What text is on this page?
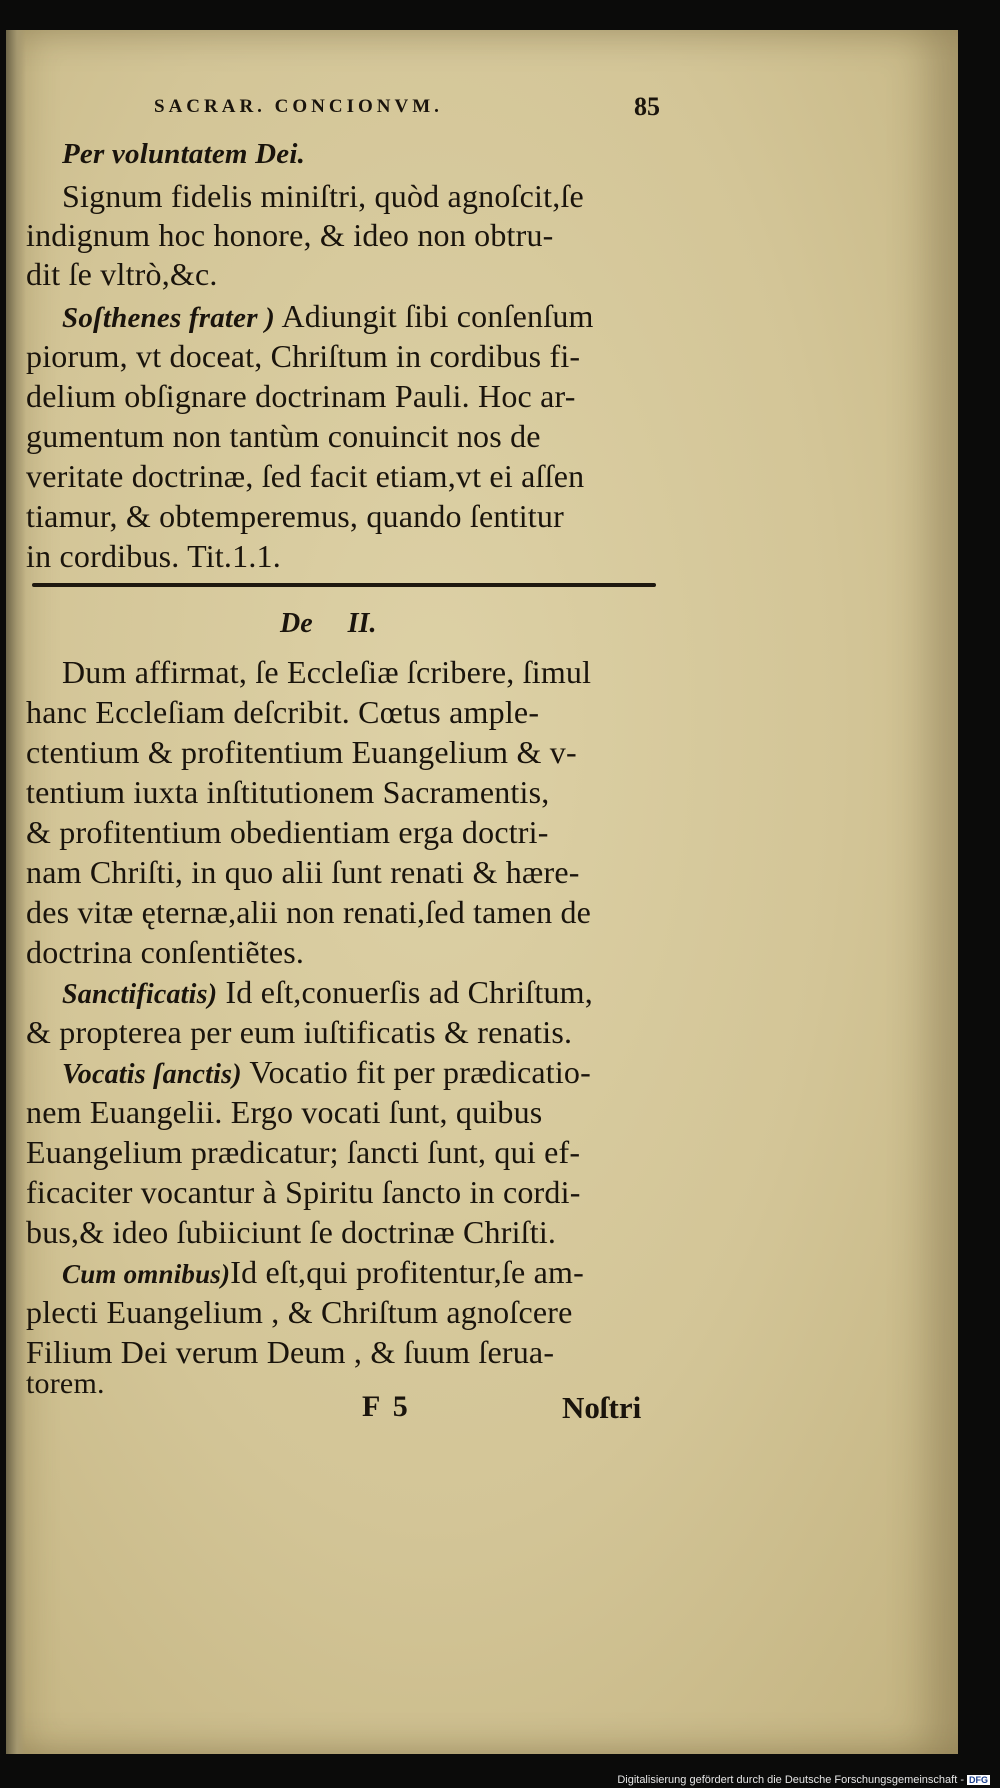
SACRAR. CONCIONVM.	85
Per voluntatem Dei.
Signum fidelis miniſtri, quòd agnoſcit,ſe
indignum hoc honore, & ideo non obtru-
dit ſe vltrò,&c.
Soſthenes frater ) Adiungit ſibi conſenſum
piorum, vt doceat, Chriſtum in cordibus fi-
delium obſignare doctrinam Pauli. Hoc ar-
gumentum non tantùm conuincit nos de
veritate doctrinæ, ſed facit etiam,vt ei aſſen
tiamur, & obtemperemus, quando ſentitur
in cordibus. Tit.1.1.
De II.
Dum affirmat, ſe Eccleſiæ ſcribere, ſimul
hanc Eccleſiam deſcribit. Cœtus ample-
ctentium & profitentium Euangelium & v-
tentium iuxta inſtitutionem Sacramentis,
& profitentium obedientiam erga doctri-
nam Chriſti, in quo alii ſunt renati & hære-
des vitæ ęternæ,alii non renati,ſed tamen de
doctrina conſentiẽtes.
Sanctificatis) Id eſt,conuerſis ad Chriſtum,
& propterea per eum iuſtificatis & renatis.
Vocatis ſanctis) Vocatio fit per prædicatio-
nem Euangelii. Ergo vocati ſunt, quibus
Euangelium prædicatur; ſancti ſunt, qui ef-
ficaciter vocantur à Spiritu ſancto in cordi-
bus,& ideo ſubiiciunt ſe doctrinæ Chriſti.
Cum omnibus)Id eſt,qui profitentur,ſe am-
plecti Euangelium , & Chriſtum agnoſcere
Filium Dei verum Deum , & ſuum ſerua-
torem.
F 5	Noſtri
Digitalisierung gefördert durch die Deutsche Forschungsgemeinschaft - DFG
